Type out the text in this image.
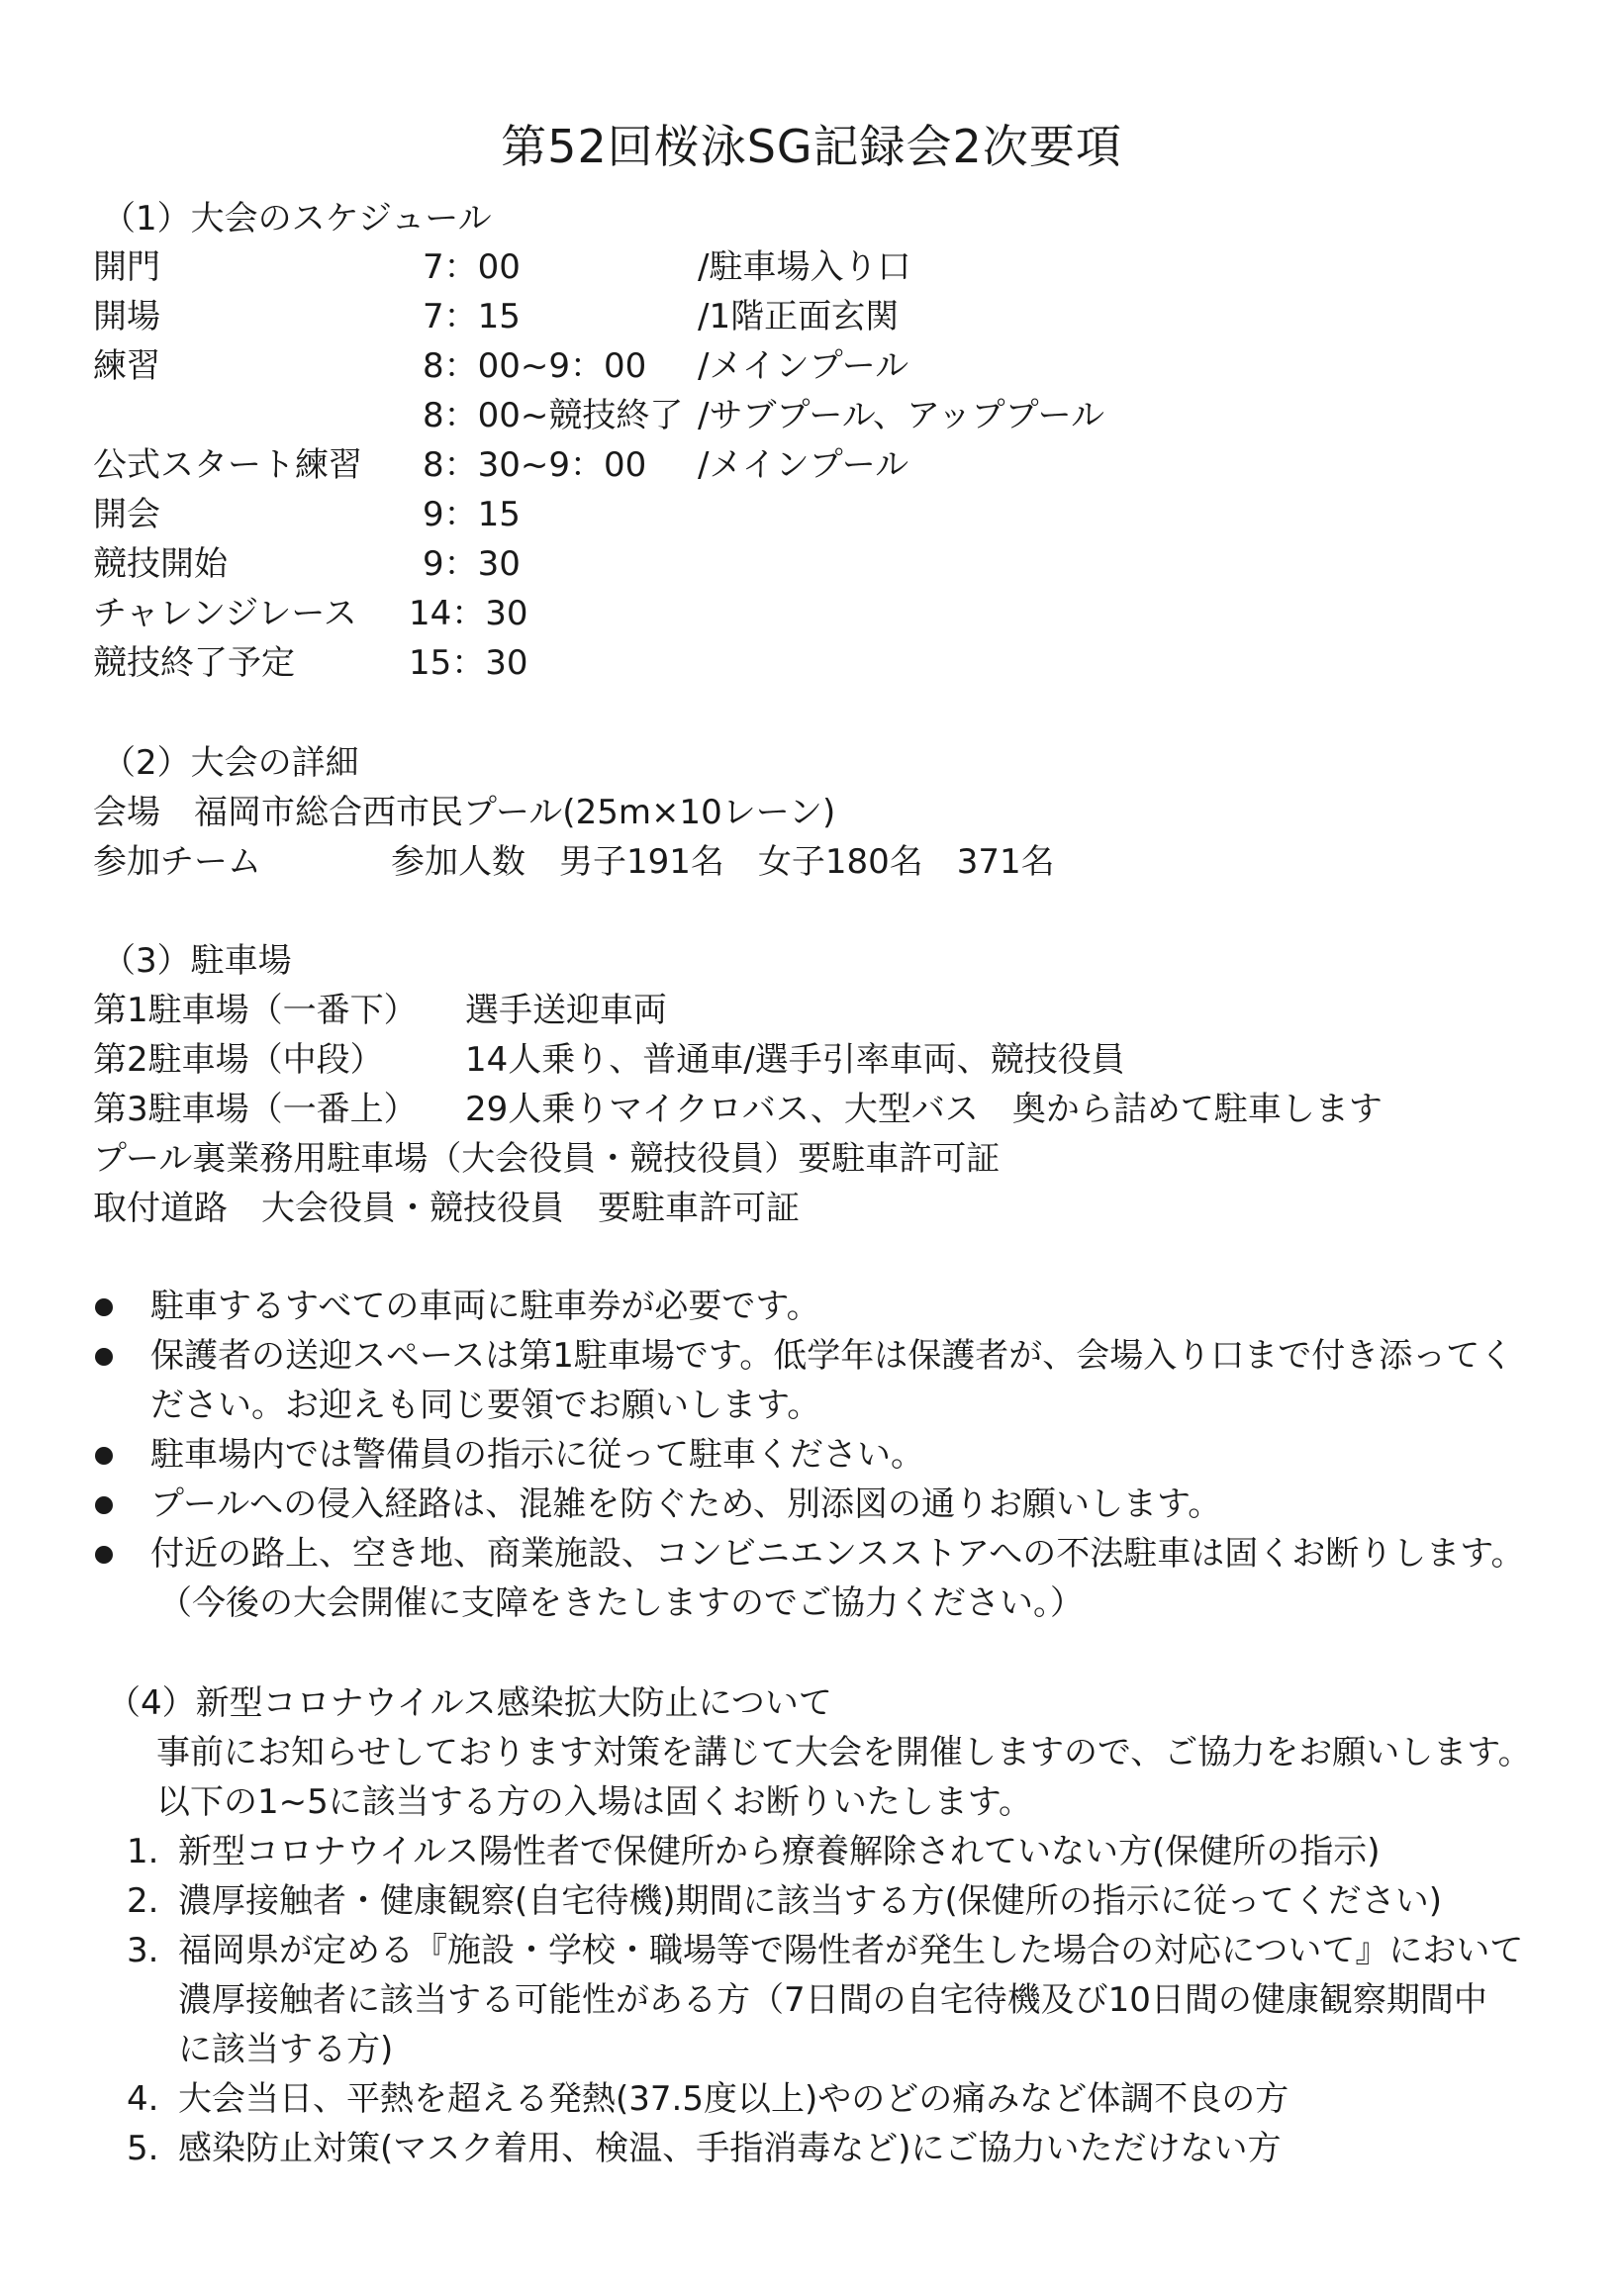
第52回桜泳SG記録会2次要項
（1）大会のスケジュール
開門	7：00	/駐車場入り口
開場	7：15	/1階正面玄関
練習	8：00~9：00 /メインプール
8：00~競技終了 /サブプール、アッププール
公式スタート練習 8：30~9：00 /メインプール
開会	9：15
競技開始	9：30
チャレンジレース 14：30
競技終了予定	15：30
（2）大会の詳細
会場　福岡市総合西市民プール(25m×10レーン)
参加チーム	参加人数　男子191名　女子180名　371名
（3）駐車場
第1駐車場（一番下） 選手送迎車両
第2駐車場（中段） 14人乗り、普通車/選手引率車両、競技役員
第3駐車場（一番上） 29人乗りマイクロバス、大型バス　奥から詰めて駐車します
プール裏業務用駐車場（大会役員・競技役員）要駐車許可証
取付道路　大会役員・競技役員　要駐車許可証
駐車するすべての車両に駐車券が必要です。
保護者の送迎スペースは第1駐車場です。低学年は保護者が、会場入り口まで付き添ってく
ださい。お迎えも同じ要領でお願いします。
駐車場内では警備員の指示に従って駐車ください。
プールへの侵入経路は、混雑を防ぐため、別添図の通りお願いします。
付近の路上、空き地、商業施設、コンビニエンスストアへの不法駐車は固くお断りします。
（今後の大会開催に支障をきたしますのでご協力ください。）
（4）新型コロナウイルス感染拡大防止について
事前にお知らせしております対策を講じて大会を開催しますので、ご協力をお願いします。
以下の1~5に該当する方の入場は固くお断りいたします。
1. 新型コロナウイルス陽性者で保健所から療養解除されていない方(保健所の指示)
2. 濃厚接触者・健康観察(自宅待機)期間に該当する方(保健所の指示に従ってください)
3. 福岡県が定める『施設・学校・職場等で陽性者が発生した場合の対応について』において
濃厚接触者に該当する可能性がある方（7日間の自宅待機及び10日間の健康観察期間中
に該当する方)
4. 大会当日、平熱を超える発熱(37.5度以上)やのどの痛みなど体調不良の方
5. 感染防止対策(マスク着用、検温、手指消毒など)にご協力いただけない方
